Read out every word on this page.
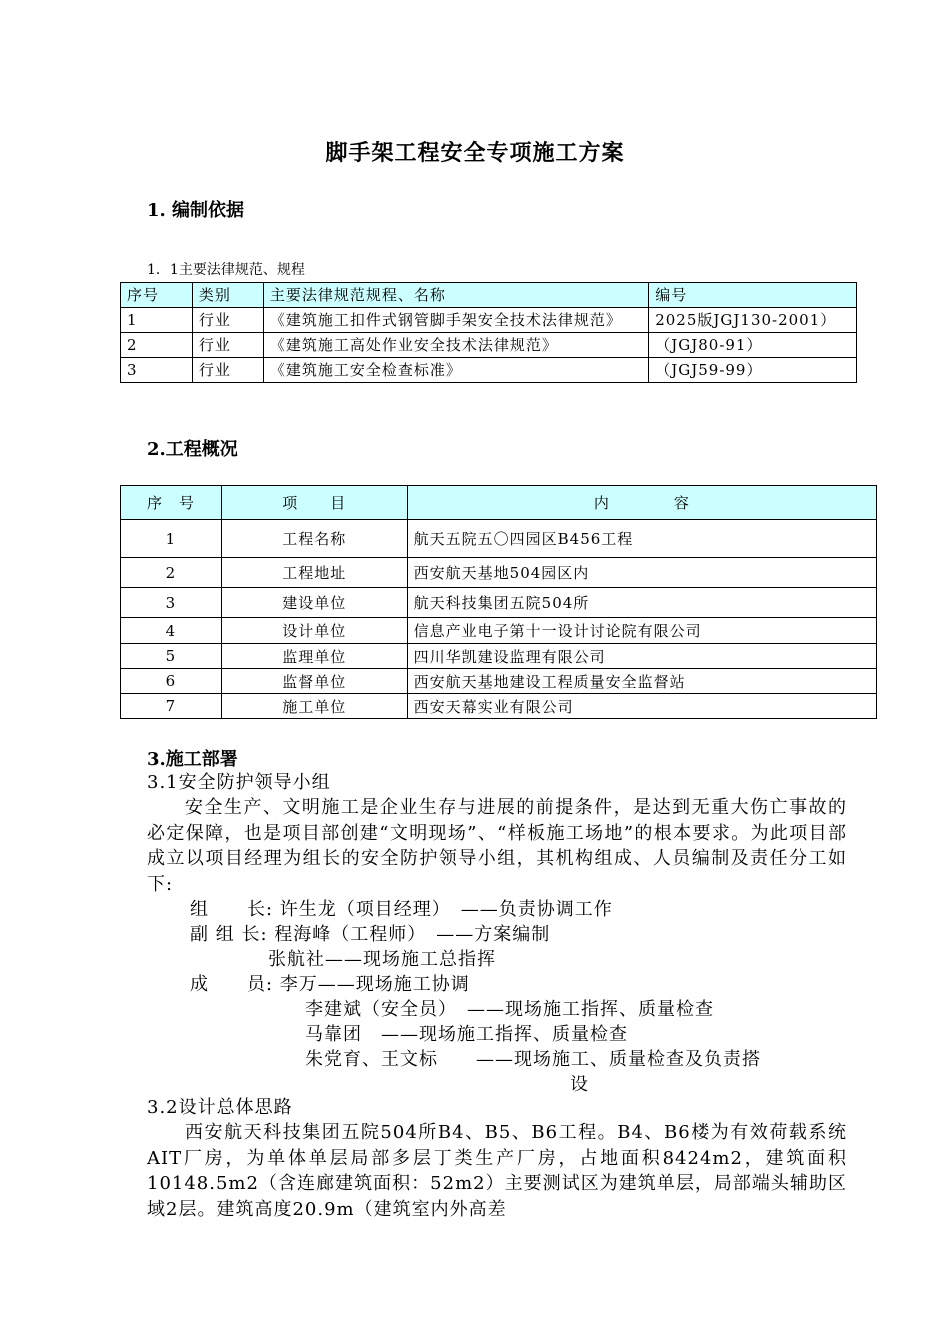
脚手架工程安全专项施工方案
1. 编制依据
1．1主要法律规范、规程
序号	类别	主要法律规范规程、名称	编号
1	行业	《建筑施工扣件式钢管脚手架安全技术法律规范》	2025版JGJ130-2001）
2	行业	《建筑施工高处作业安全技术法律规范》	（JGJ80-91）
3	行业	《建筑施工安全检查标准》	（JGJ59-99）
2.工程概况
序　号	项　　目	内　　　　容
1	工程名称	航天五院五〇四园区B456工程
2	工程地址	西安航天基地504园区内
3	建设单位	航天科技集团五院504所
4	设计单位	信息产业电子第十一设计讨论院有限公司
5	监理单位	四川华凯建设监理有限公司
6	监督单位	西安航天基地建设工程质量安全监督站
7	施工单位	西安天幕实业有限公司
3.施工部署
3.1安全防护领导小组
安全生产、文明施工是企业生存与进展的前提条件，是达到无重大伤亡事故的必定保障，也是项目部创建“文明现场”、“样板施工场地”的根本要求。为此项目部成立以项目经理为组长的安全防护领导小组，其机构组成、人员编制及责任分工如下:
组　　长: 许生龙（项目经理）　——负责协调工作
副 组 长: 程海峰（工程师）　——方案编制
张航社——现场施工总指挥
成　　员: 李万——现场施工协调
李建斌（安全员）　——现场施工指挥、质量检查
马靠团　——现场施工指挥、质量检查
朱党育、王文标　　——现场施工、质量检查及负责搭
设
3.2设计总体思路
西安航天科技集团五院504所B4、B5、B6工程。B4、B6楼为有效荷载系统AIT厂房，为单体单层局部多层丁类生产厂房，占地面积8424m2，建筑面积10148.5m2（含连廊建筑面积：52m2）主要测试区为建筑单层，局部端头辅助区域2层。建筑高度20.9m（建筑室内外高差
